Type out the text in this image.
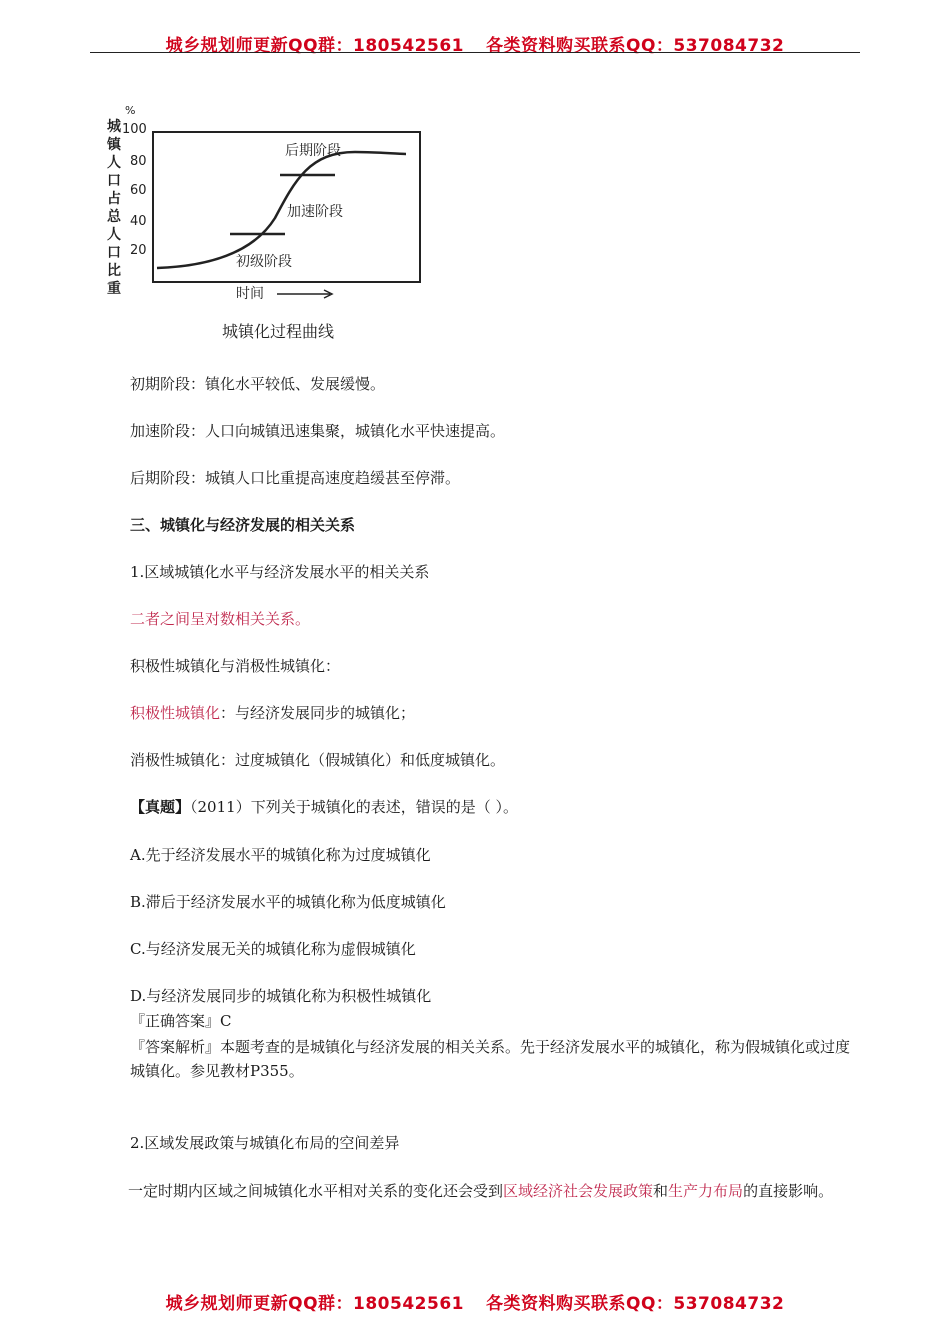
城乡规划师更新QQ群：180542561 各类资料购买联系QQ：537084732
%
城
镇
人
口
占
总
人
口
比
重
100
80
60
40
20
后期阶段
加速阶段
初级阶段
时间
城镇化过程曲线
初期阶段：镇化水平较低、发展缓慢。
加速阶段：人口向城镇迅速集聚，城镇化水平快速提高。
后期阶段：城镇人口比重提高速度趋缓甚至停滞。
三、城镇化与经济发展的相关关系
1.区域城镇化水平与经济发展水平的相关关系
二者之间呈对数相关关系。
积极性城镇化与消极性城镇化：
积极性城镇化：与经济发展同步的城镇化；
消极性城镇化：过度城镇化（假城镇化）和低度城镇化。
【真题】（2011）下列关于城镇化的表述，错误的是（ ）。
A.先于经济发展水平的城镇化称为过度城镇化
B.滞后于经济发展水平的城镇化称为低度城镇化
C.与经济发展无关的城镇化称为虚假城镇化
D.与经济发展同步的城镇化称为积极性城镇化
『正确答案』C
『答案解析』本题考查的是城镇化与经济发展的相关关系。先于经济发展水平的城镇化，称为假城镇化或过度城镇化。参见教材P355。
2.区域发展政策与城镇化布局的空间差异
一定时期内区域之间城镇化水平相对关系的变化还会受到区域经济社会发展政策和生产力布局的直接影响。
城乡规划师更新QQ群：180542561 各类资料购买联系QQ：537084732
